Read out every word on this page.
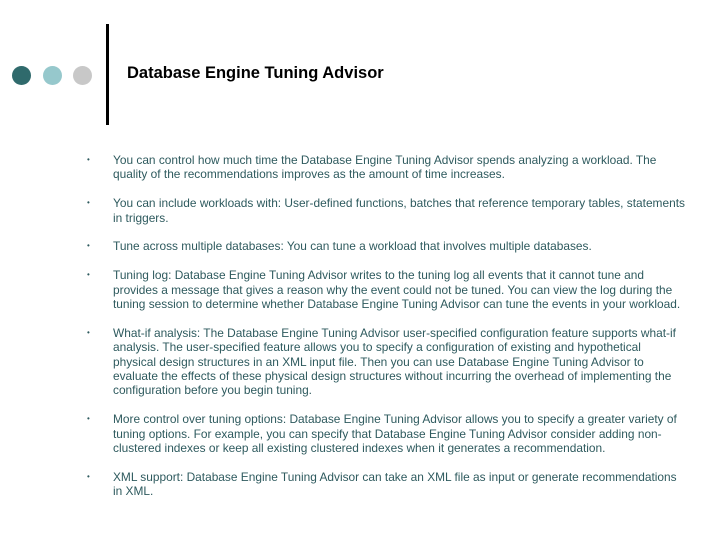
Database Engine Tuning Advisor
• You can control how much time the Database Engine Tuning Advisor spends analyzing a workload. The quality of the recommendations improves as the amount of time increases.
• You can include workloads with: User-defined functions, batches that reference temporary tables, statements in triggers.
• Tune across multiple databases: You can tune a workload that involves multiple databases.
• Tuning log: Database Engine Tuning Advisor writes to the tuning log all events that it cannot tune and provides a message that gives a reason why the event could not be tuned. You can view the log during the tuning session to determine whether Database Engine Tuning Advisor can tune the events in your workload.
• What-if analysis: The Database Engine Tuning Advisor user-specified configuration feature supports what-if analysis. The user-specified feature allows you to specify a configuration of existing and hypothetical physical design structures in an XML input file. Then you can use Database Engine Tuning Advisor to evaluate the effects of these physical design structures without incurring the overhead of implementing the configuration before you begin tuning.
• More control over tuning options: Database Engine Tuning Advisor allows you to specify a greater variety of tuning options. For example, you can specify that Database Engine Tuning Advisor consider adding non-clustered indexes or keep all existing clustered indexes when it generates a recommendation.
• XML support: Database Engine Tuning Advisor can take an XML file as input or generate recommendations in XML.
